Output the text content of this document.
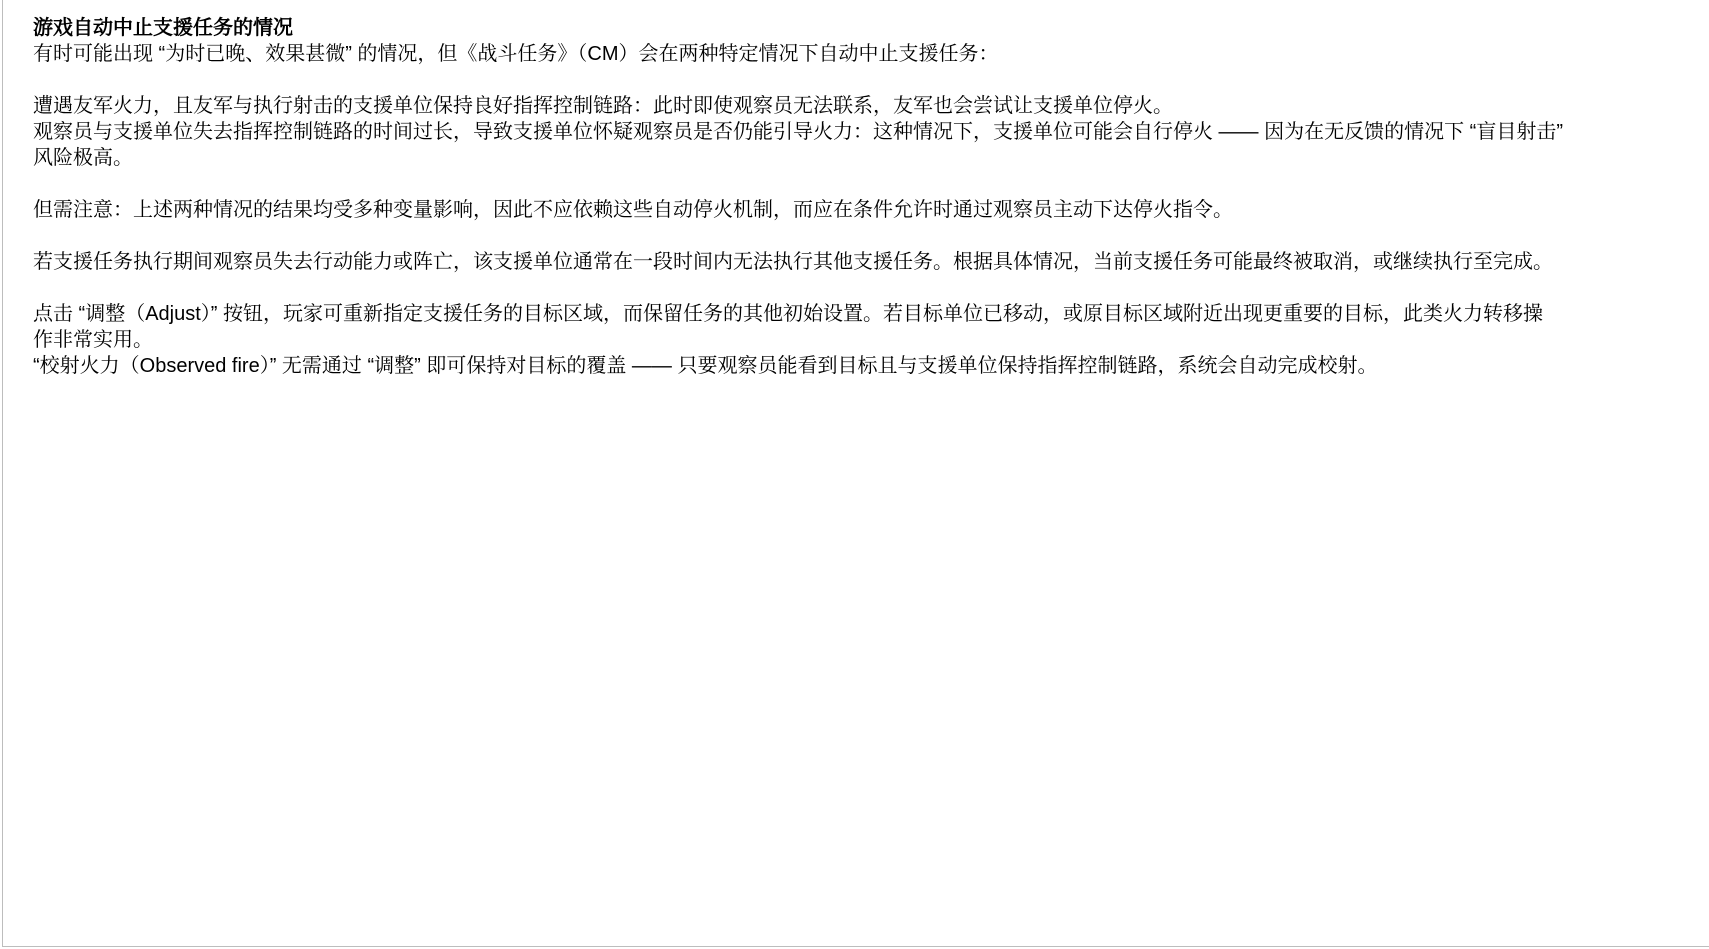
游戏自动中止支援任务的情况
有时可能出现 “为时已晚、效果甚微” 的情况，但《战斗任务》（CM）会在两种特定情况下自动中止支援任务：
遭遇友军火力，且友军与执行射击的支援单位保持良好指挥控制链路：此时即使观察员无法联系，友军也会尝试让支援单位停火。
观察员与支援单位失去指挥控制链路的时间过长，导致支援单位怀疑观察员是否仍能引导火力：这种情况下，支援单位可能会自行停火 —— 因为在无反馈的情况下 “盲目射击”
风险极高。
但需注意：上述两种情况的结果均受多种变量影响，因此不应依赖这些自动停火机制，而应在条件允许时通过观察员主动下达停火指令。
若支援任务执行期间观察员失去行动能力或阵亡，该支援单位通常在一段时间内无法执行其他支援任务。根据具体情况，当前支援任务可能最终被取消，或继续执行至完成。
点击 “调整（Adjust）” 按钮，玩家可重新指定支援任务的目标区域，而保留任务的其他初始设置。若目标单位已移动，或原目标区域附近出现更重要的目标，此类火力转移操
作非常实用。
“校射火力（Observed fire）” 无需通过 “调整” 即可保持对目标的覆盖 —— 只要观察员能看到目标且与支援单位保持指挥控制链路，系统会自动完成校射。
